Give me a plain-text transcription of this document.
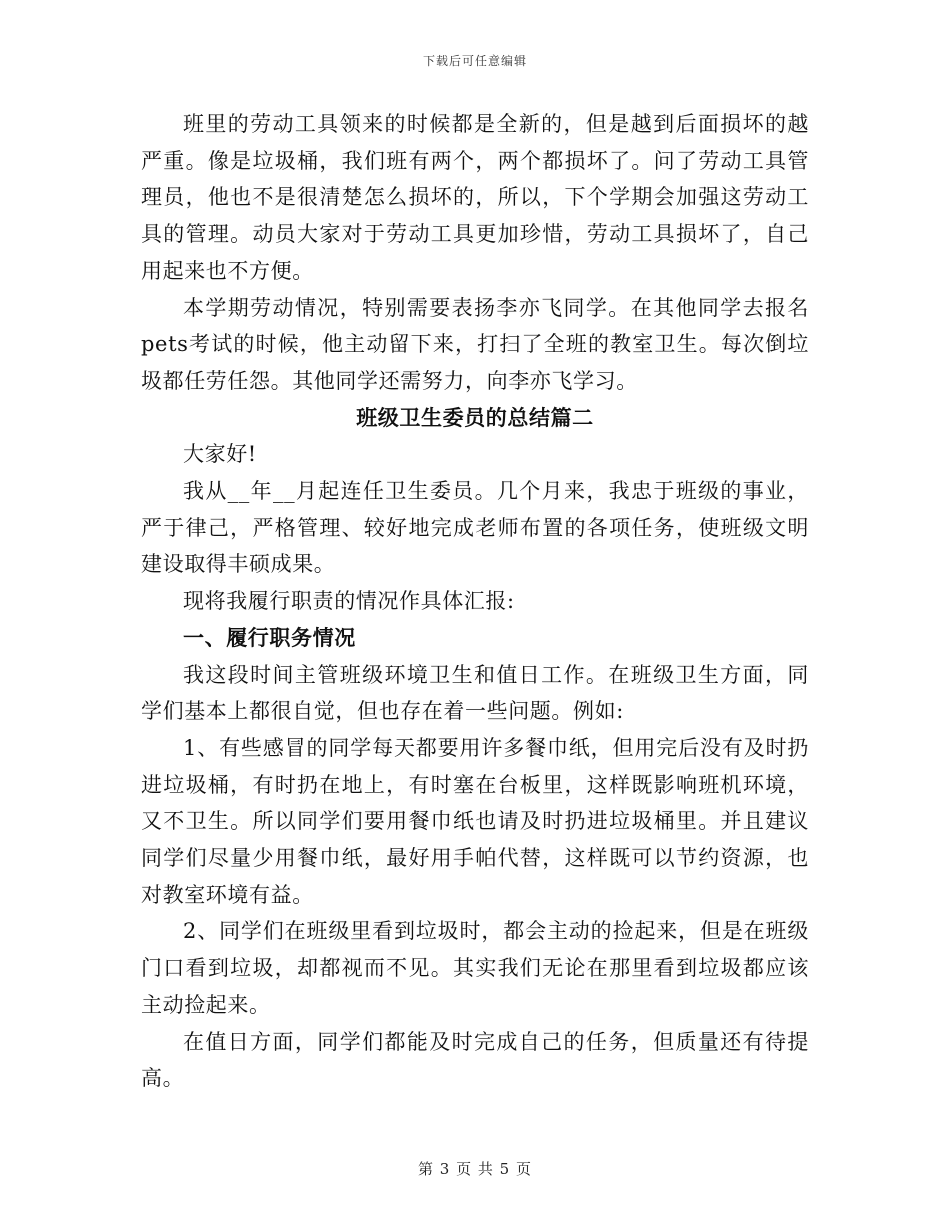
下载后可任意编辑

班里的劳动工具领来的时候都是全新的，但是越到后面损坏的越严重。像是垃圾桶，我们班有两个，两个都损坏了。问了劳动工具管理员，他也不是很清楚怎么损坏的，所以，下个学期会加强这劳动工具的管理。动员大家对于劳动工具更加珍惜，劳动工具损坏了，自己用起来也不方便。

本学期劳动情况，特别需要表扬李亦飞同学。在其他同学去报名pets考试的时候，他主动留下来，打扫了全班的教室卫生。每次倒垃圾都任劳任怨。其他同学还需努力，向李亦飞学习。

班级卫生委员的总结篇二

大家好!

我从__年__月起连任卫生委员。几个月来，我忠于班级的事业，严于律己，严格管理、较好地完成老师布置的各项任务，使班级文明建设取得丰硕成果。

现将我履行职责的情况作具体汇报:

一、履行职务情况

我这段时间主管班级环境卫生和值日工作。在班级卫生方面，同学们基本上都很自觉，但也存在着一些问题。例如:

1、有些感冒的同学每天都要用许多餐巾纸，但用完后没有及时扔进垃圾桶，有时扔在地上，有时塞在台板里，这样既影响班机环境，又不卫生。所以同学们要用餐巾纸也请及时扔进垃圾桶里。并且建议同学们尽量少用餐巾纸，最好用手帕代替，这样既可以节约资源，也对教室环境有益。

2、同学们在班级里看到垃圾时，都会主动的捡起来，但是在班级门口看到垃圾，却都视而不见。其实我们无论在那里看到垃圾都应该主动捡起来。

在值日方面，同学们都能及时完成自己的任务，但质量还有待提高。

第 3 页 共 5 页
